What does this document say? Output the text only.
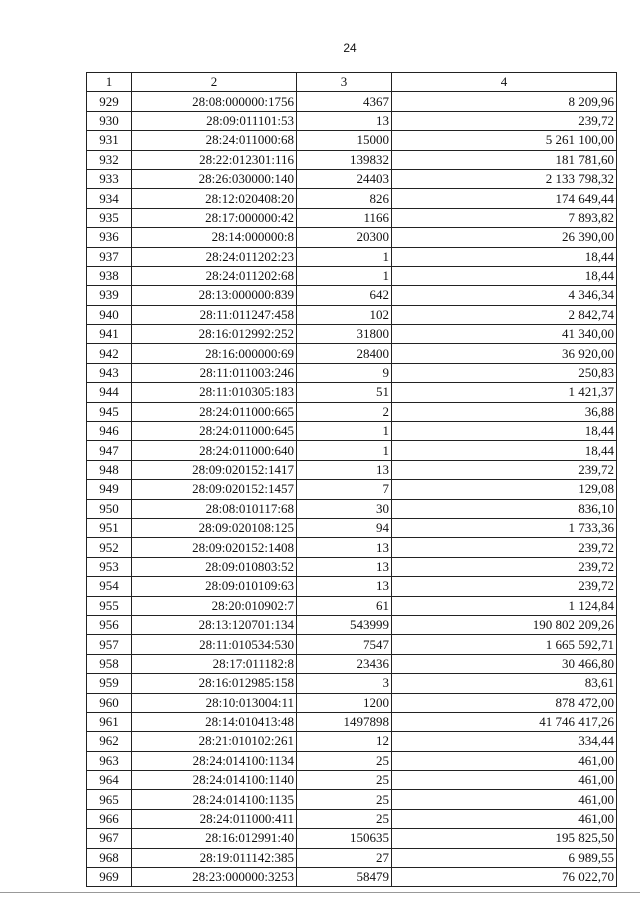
24
1	2	3	4
929	28:08:000000:1756	4367	8 209,96
930	28:09:011101:53	13	239,72
931	28:24:011000:68	15000	5 261 100,00
932	28:22:012301:116	139832	181 781,60
933	28:26:030000:140	24403	2 133 798,32
934	28:12:020408:20	826	174 649,44
935	28:17:000000:42	1166	7 893,82
936	28:14:000000:8	20300	26 390,00
937	28:24:011202:23	1	18,44
938	28:24:011202:68	1	18,44
939	28:13:000000:839	642	4 346,34
940	28:11:011247:458	102	2 842,74
941	28:16:012992:252	31800	41 340,00
942	28:16:000000:69	28400	36 920,00
943	28:11:011003:246	9	250,83
944	28:11:010305:183	51	1 421,37
945	28:24:011000:665	2	36,88
946	28:24:011000:645	1	18,44
947	28:24:011000:640	1	18,44
948	28:09:020152:1417	13	239,72
949	28:09:020152:1457	7	129,08
950	28:08:010117:68	30	836,10
951	28:09:020108:125	94	1 733,36
952	28:09:020152:1408	13	239,72
953	28:09:010803:52	13	239,72
954	28:09:010109:63	13	239,72
955	28:20:010902:7	61	1 124,84
956	28:13:120701:134	543999	190 802 209,26
957	28:11:010534:530	7547	1 665 592,71
958	28:17:011182:8	23436	30 466,80
959	28:16:012985:158	3	83,61
960	28:10:013004:11	1200	878 472,00
961	28:14:010413:48	1497898	41 746 417,26
962	28:21:010102:261	12	334,44
963	28:24:014100:1134	25	461,00
964	28:24:014100:1140	25	461,00
965	28:24:014100:1135	25	461,00
966	28:24:011000:411	25	461,00
967	28:16:012991:40	150635	195 825,50
968	28:19:011142:385	27	6 989,55
969	28:23:000000:3253	58479	76 022,70
